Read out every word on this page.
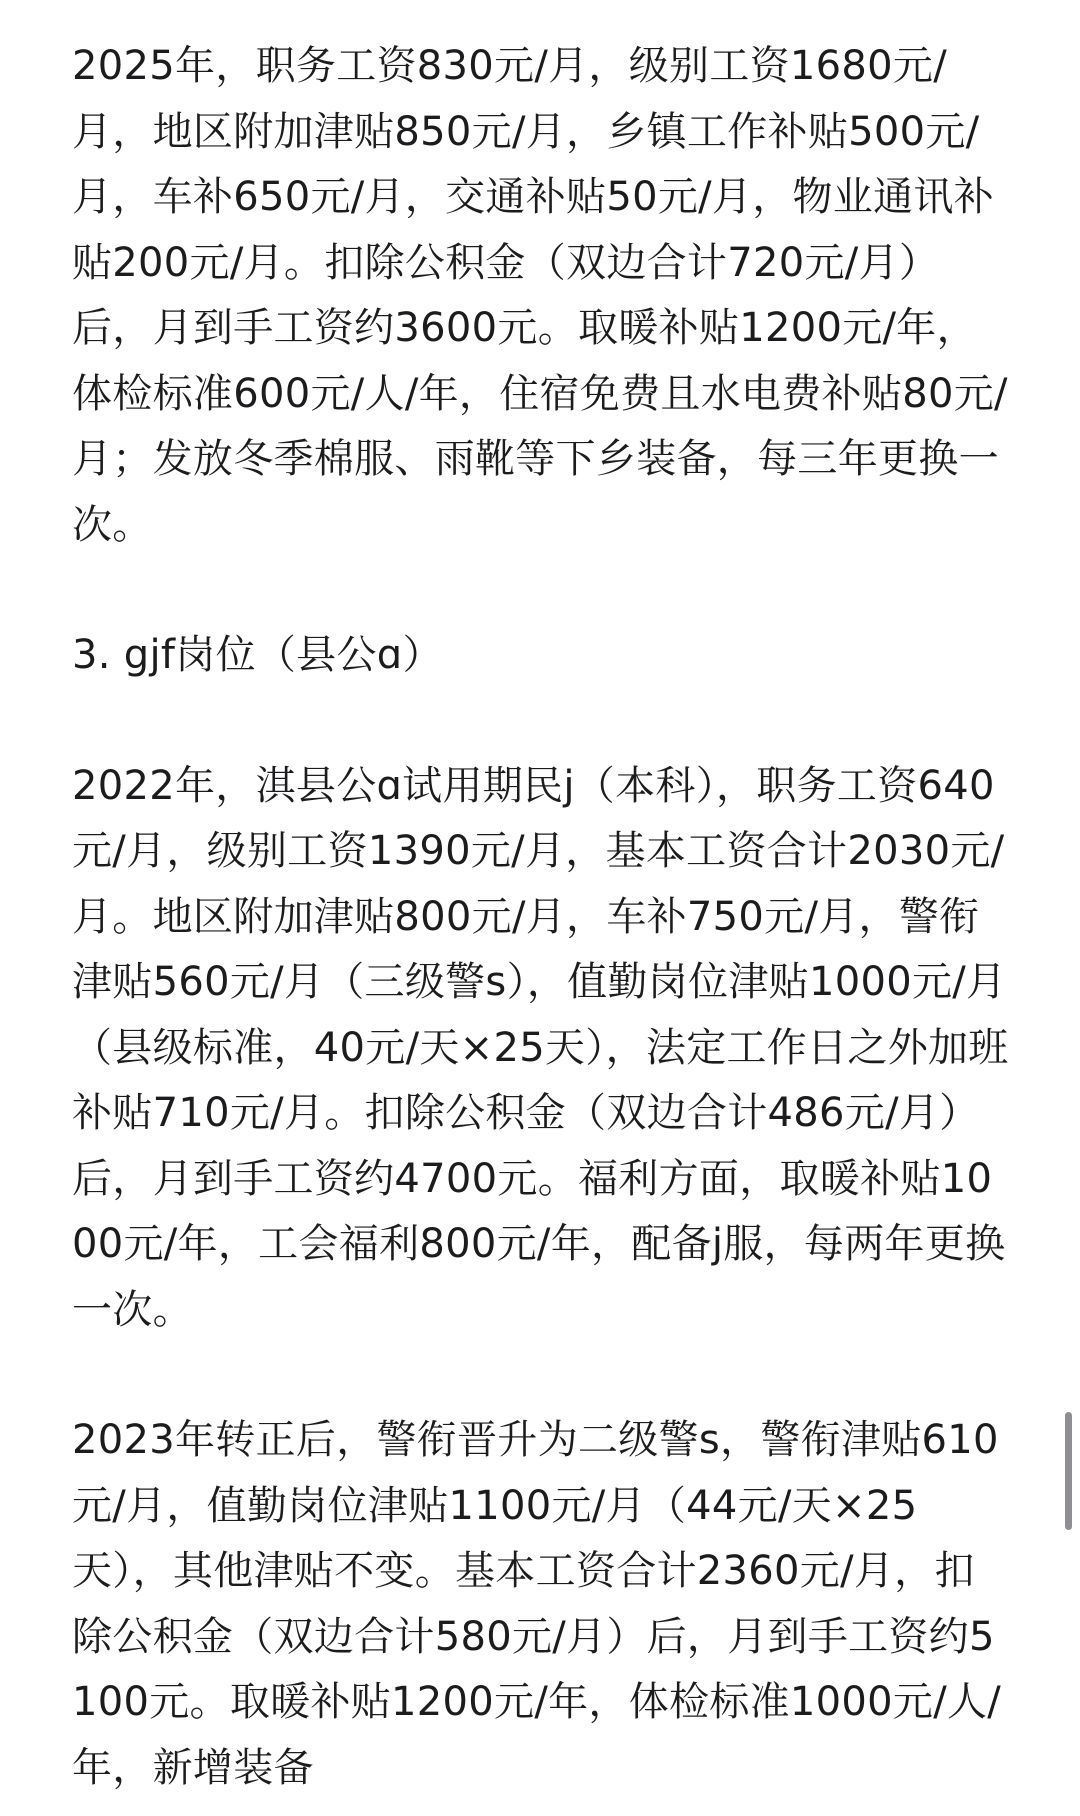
2025年，职务工资830元/月，级别工资1680元/月，地区附加津贴850元/月，乡镇工作补贴500元/月，车补650元/月，交通补贴50元/月，物业通讯补贴200元/月。扣除公积金（双边合计720元/月）后，月到手工资约3600元。取暖补贴1200元/年，体检标准600元/人/年，住宿免费且水电费补贴80元/月；发放冬季棉服、雨靴等下乡装备，每三年更换一次。

3. gjf岗位（县公ɑ）

2022年，淇县公ɑ试用期民j（本科），职务工资640元/月，级别工资1390元/月，基本工资合计2030元/月。地区附加津贴800元/月，车补750元/月，警衔津贴560元/月（三级警s），值勤岗位津贴1000元/月（县级标准，40元/天×25天），法定工作日之外加班补贴710元/月。扣除公积金（双边合计486元/月）后，月到手工资约4700元。福利方面，取暖补贴1000元/年，工会福利800元/年，配备j服，每两年更换一次。

2023年转正后，警衔晋升为二级警s，警衔津贴610元/月，值勤岗位津贴1100元/月（44元/天×25天），其他津贴不变。基本工资合计2360元/月，扣除公积金（双边合计580元/月）后，月到手工资约5100元。取暖补贴1200元/年，体检标准1000元/人/年，新增装备
